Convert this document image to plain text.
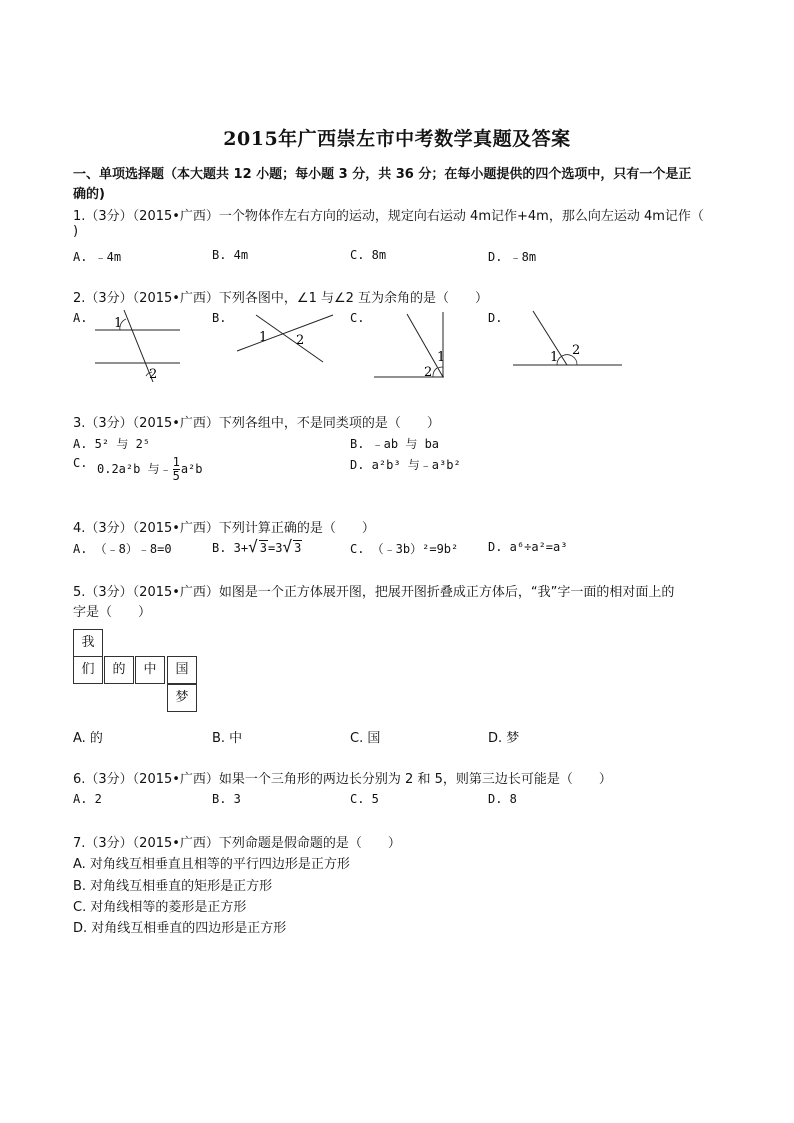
2015年广西崇左市中考数学真题及答案
一、单项选择题（本大题共 12 小题；每小题 3 分，共 36 分；在每小题提供的四个选项中，只有一个是正
确的)
1.（3分）（2015•广西）一个物体作左右方向的运动，规定向右运动 4m记作+4m，那么向左运动 4m记作（
)
A. ﹣4m	B. 4m	C. 8m	D. ﹣8m
2.（3分）（2015•广西）下列各图中，∠1 与∠2 互为余角的是（　　）
A.	B.	C.	D.
1
2
1 2
1
2
1 2
3.（3分）（2015•广西）下列各组中，不是同类项的是（　　）
A. 5² 与 2⁵	B. ﹣ab 与 ba
C. 0.2a²b 与﹣ $\frac{1}{5} a^2b$	D. a²b³ 与﹣a³b²
4.（3分）（2015•广西）下列计算正确的是（　　）
A. （﹣8）﹣8=0	B. 3+√ 3=3√ 3	C. （﹣3b）²=9b² D. a⁶÷a²=a³
5.（3分）（2015•广西）如图是一个正方体展开图，把展开图折叠成正方体后，“我”字一面的相对面上的
字是（　　）
我
们	的	中	国
梦
A. 的	B. 中	C. 国	D. 梦
6.（3分）（2015•广西）如果一个三角形的两边长分别为 2 和 5，则第三边长可能是（　　）
A. 2	B. 3	C. 5	D. 8
7.（3分）（2015•广西）下列命题是假命题的是（　　）
A. 对角线互相垂直且相等的平行四边形是正方形
B. 对角线互相垂直的矩形是正方形
C. 对角线相等的菱形是正方形
D. 对角线互相垂直的四边形是正方形
